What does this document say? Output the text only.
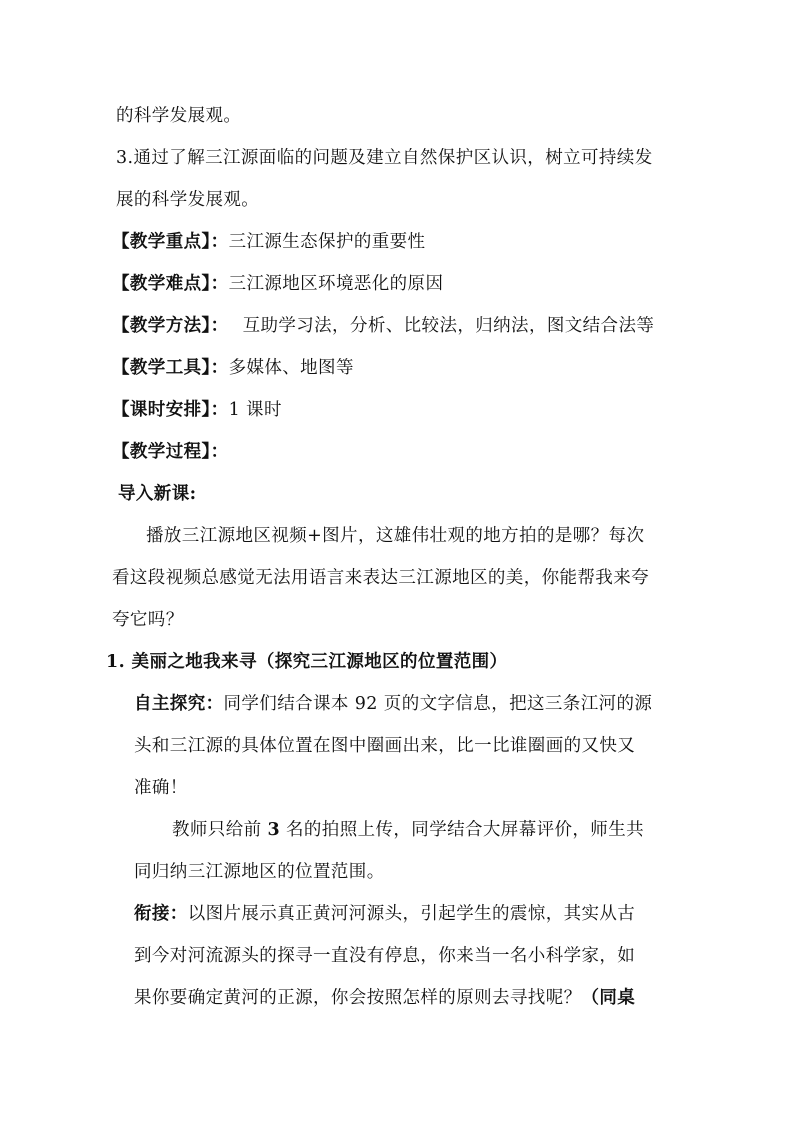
的科学发展观。
3.通过了解三江源面临的问题及建立自然保护区认识，树立可持续发
展的科学发展观。
【教学重点】：三江源生态保护的重要性
【教学难点】：三江源地区环境恶化的原因
【教学方法】： 互助学习法，分析、比较法，归纳法，图文结合法等
【教学工具】：多媒体、地图等
【课时安排】：1 课时
【教学过程】：
导入新课:
播放三江源地区视频+图片，这雄伟壮观的地方拍的是哪？每次
看这段视频总感觉无法用语言来表达三江源地区的美，你能帮我来夸
夸它吗？
1. 美丽之地我来寻（探究三江源地区的位置范围）
自主探究：同学们结合课本 92 页的文字信息，把这三条江河的源
头和三江源的具体位置在图中圈画出来，比一比谁圈画的又快又
准确！
教师只给前 3 名的拍照上传，同学结合大屏幕评价，师生共
同归纳三江源地区的位置范围。
衔接：以图片展示真正黄河河源头，引起学生的震惊，其实从古
到今对河流源头的探寻一直没有停息，你来当一名小科学家，如
果你要确定黄河的正源，你会按照怎样的原则去寻找呢？（同桌
